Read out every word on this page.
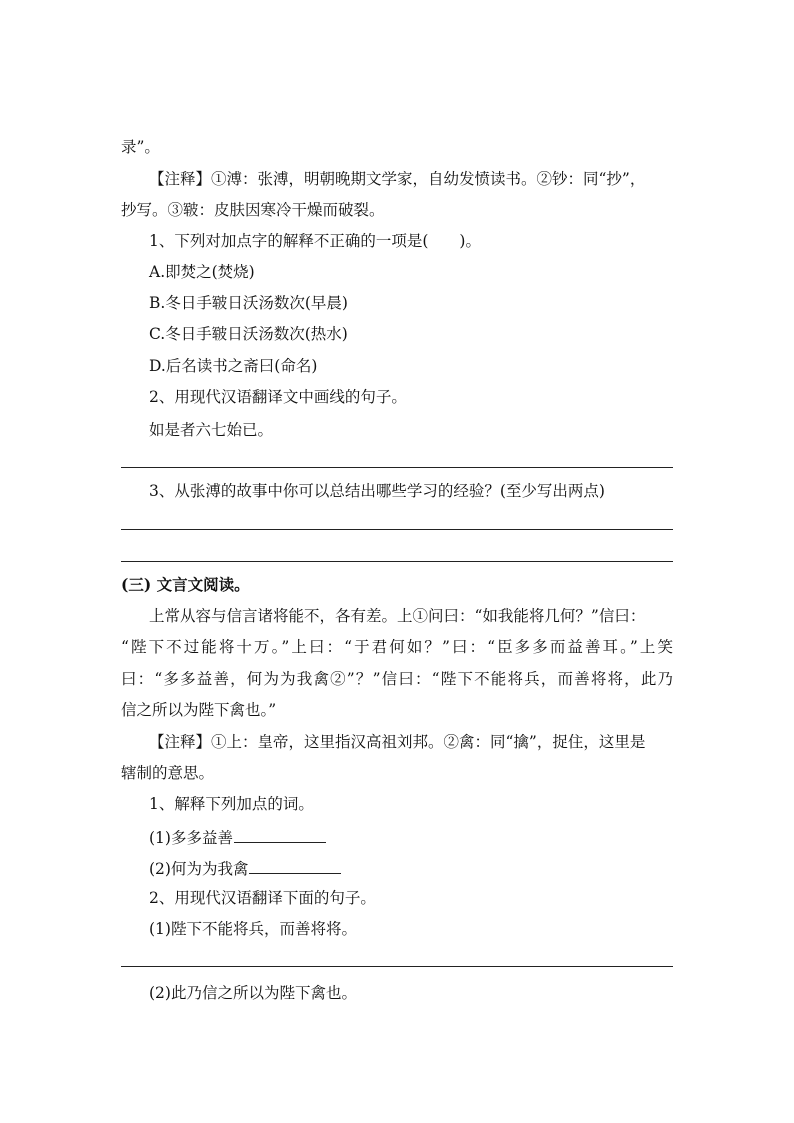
录”。
【注释】①溥：张溥，明朝晚期文学家，自幼发愤读书。②钞：同“抄”，
抄写。③皲：皮肤因寒冷干燥而破裂。
1、下列对加点字的解释不正确的一项是(　　)。
A.即焚之(焚烧)
B.冬日手皲日沃汤数次(早晨)
C.冬日手皲日沃汤数次(热水)
D.后名读书之斋曰(命名)
2、用现代汉语翻译文中画线的句子。
如是者六七始已。
3、从张溥的故事中你可以总结出哪些学习的经验？(至少写出两点)
(三) 文言文阅读。
上常从容与信言诸将能不，各有差。上①问曰：“如我能将几何？”信曰：
“陛下不过能将十万。”上曰：“于君何如？”曰：“臣多多而益善耳。”上笑
曰：“多多益善，何为为我禽②”？”信曰：“陛下不能将兵，而善将将，此乃
信之所以为陛下禽也。”
【注释】①上：皇帝，这里指汉高祖刘邦。②禽：同“擒”，捉住，这里是
辖制的意思。
1、解释下列加点的词。
(1)多多益善
(2)何为为我禽
2、用现代汉语翻译下面的句子。
(1)陛下不能将兵，而善将将。
(2)此乃信之所以为陛下禽也。
